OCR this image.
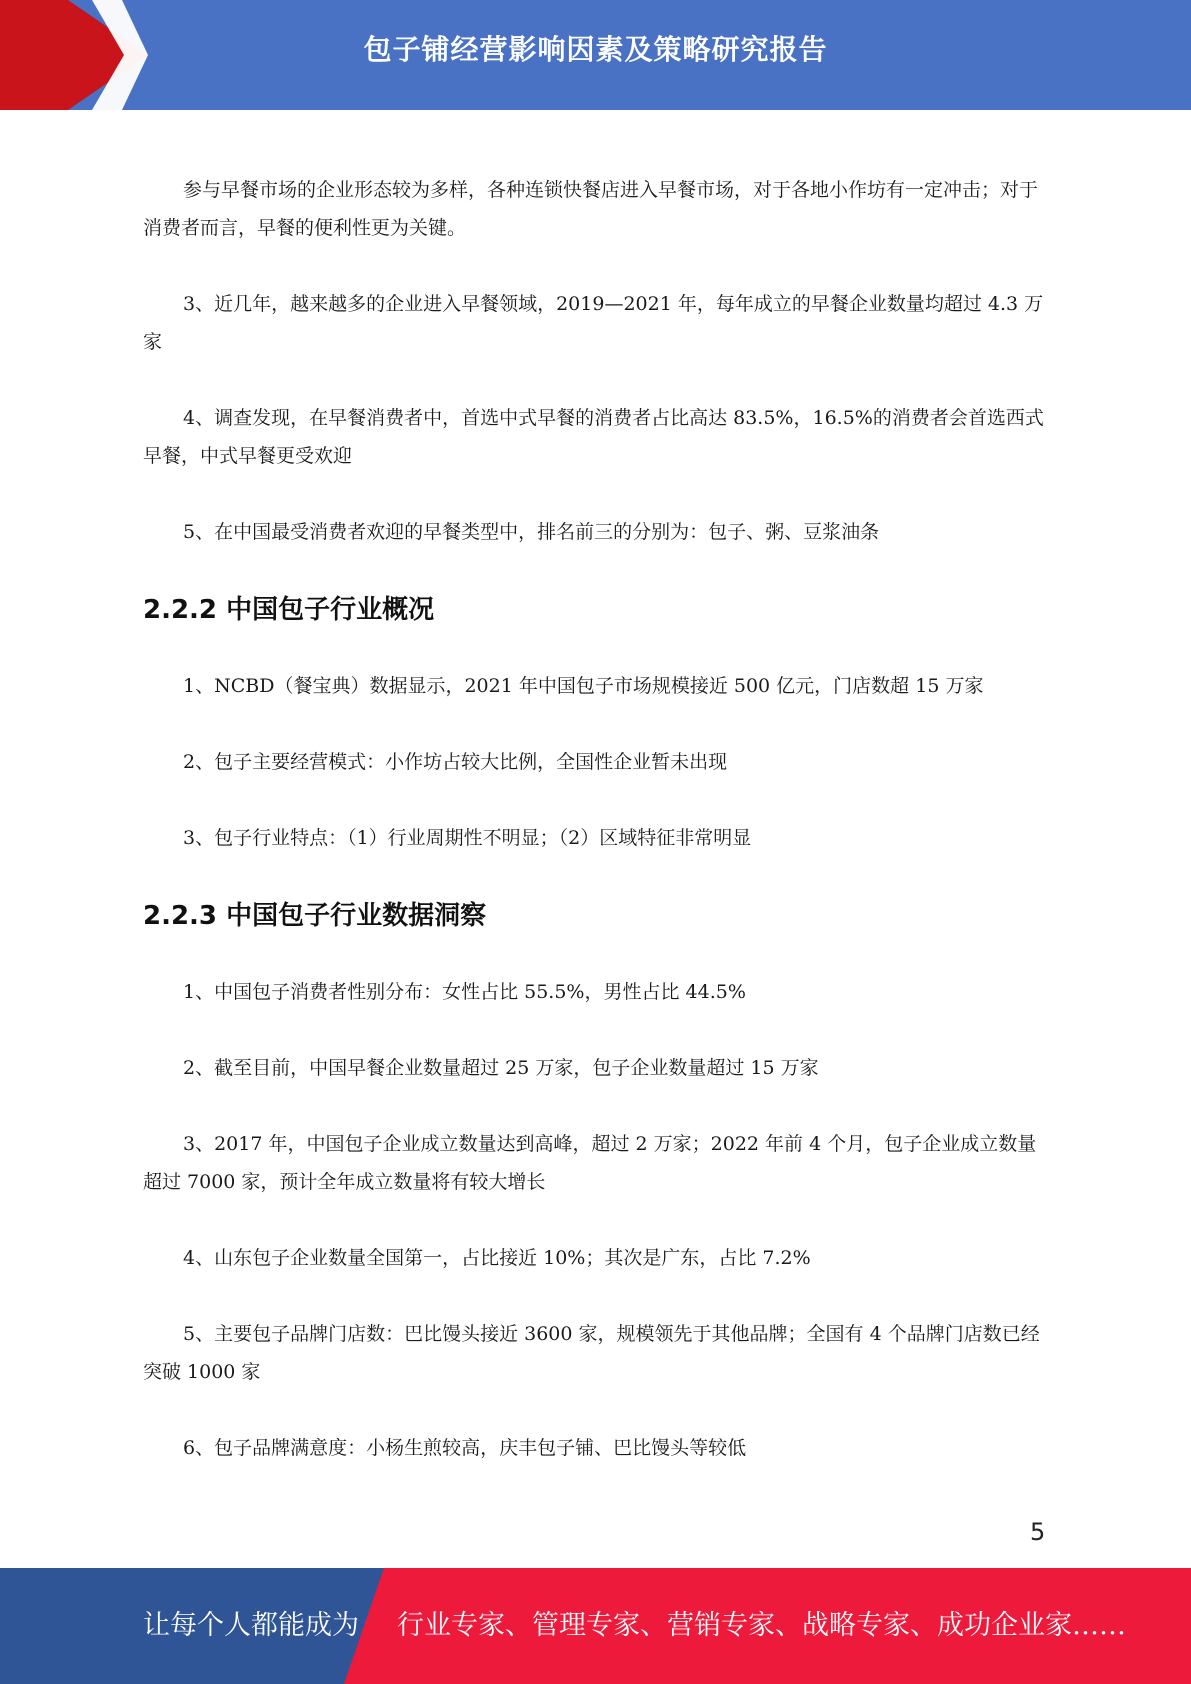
包子铺经营影响因素及策略研究报告

参与早餐市场的企业形态较为多样，各种连锁快餐店进入早餐市场，对于各地小作坊有一定冲击；对于消费者而言，早餐的便利性更为关键。

3、近几年，越来越多的企业进入早餐领域，2019—2021 年，每年成立的早餐企业数量均超过 4.3 万家

4、调查发现，在早餐消费者中，首选中式早餐的消费者占比高达 83.5%，16.5%的消费者会首选西式早餐，中式早餐更受欢迎

5、在中国最受消费者欢迎的早餐类型中，排名前三的分别为：包子、粥、豆浆油条

2.2.2 中国包子行业概况

1、NCBD（餐宝典）数据显示，2021 年中国包子市场规模接近 500 亿元，门店数超 15 万家

2、包子主要经营模式：小作坊占较大比例，全国性企业暂未出现

3、包子行业特点：（1）行业周期性不明显；（2）区域特征非常明显

2.2.3 中国包子行业数据洞察

1、中国包子消费者性别分布：女性占比 55.5%，男性占比 44.5%

2、截至目前，中国早餐企业数量超过 25 万家，包子企业数量超过 15 万家

3、2017 年，中国包子企业成立数量达到高峰，超过 2 万家；2022 年前 4 个月，包子企业成立数量超过 7000 家，预计全年成立数量将有较大增长

4、山东包子企业数量全国第一，占比接近 10%；其次是广东，占比 7.2%

5、主要包子品牌门店数：巴比馒头接近 3600 家，规模领先于其他品牌；全国有 4 个品牌门店数已经突破 1000 家

6、包子品牌满意度：小杨生煎较高，庆丰包子铺、巴比馒头等较低

5
让每个人都能成为 行业专家、管理专家、营销专家、战略专家、成功企业家……
